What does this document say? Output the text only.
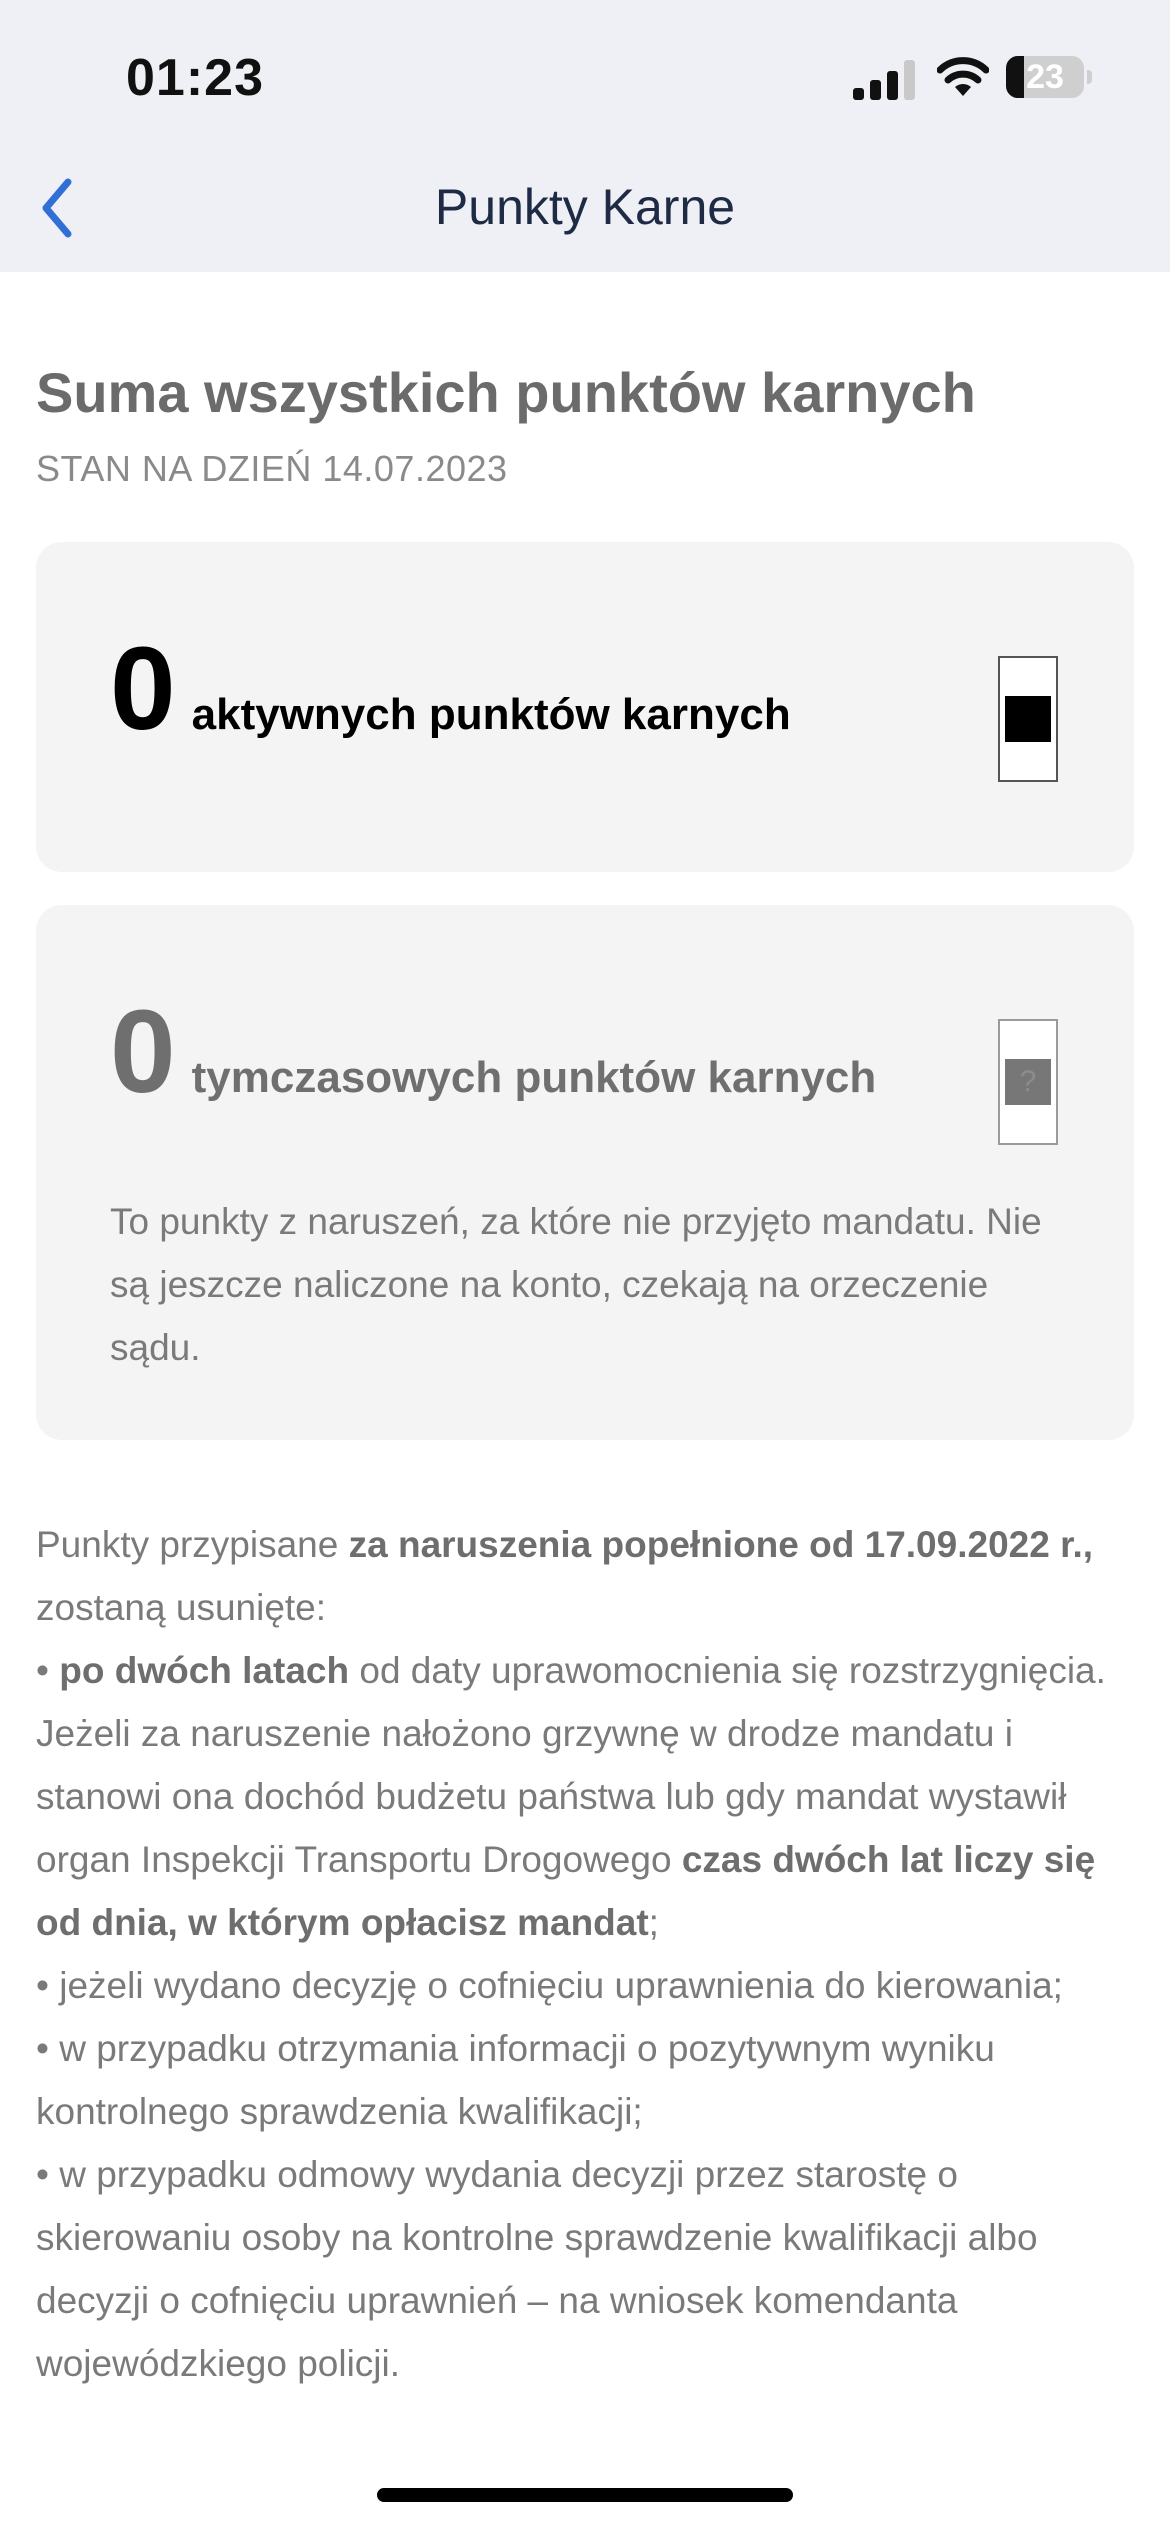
01:23	23
Punkty Karne
Suma wszystkich punktów karnych
STAN NA DZIEŃ 14.07.2023
0 aktywnych punktów karnych
0 tymczasowych punktów karnych
?
To punkty z naruszeń, za które nie przyjęto mandatu. Nie są jeszcze naliczone na konto, czekają na orzeczenie sądu.

Punkty przypisane za naruszenia popełnione od 17.09.2022 r., zostaną usunięte:

• po dwóch latach od daty uprawomocnienia się rozstrzygnięcia. Jeżeli za naruszenie nałożono grzywnę w drodze mandatu i stanowi ona dochód budżetu państwa lub gdy mandat wystawił organ Inspekcji Transportu Drogowego czas dwóch lat liczy się od dnia, w którym opłacisz mandat;

• jeżeli wydano decyzję o cofnięciu uprawnienia do kierowania;

• w przypadku otrzymania informacji o pozytywnym wyniku kontrolnego sprawdzenia kwalifikacji;

• w przypadku odmowy wydania decyzji przez starostę o skierowaniu osoby na kontrolne sprawdzenie kwalifikacji albo decyzji o cofnięciu uprawnień – na wniosek komendanta wojewódzkiego policji.
